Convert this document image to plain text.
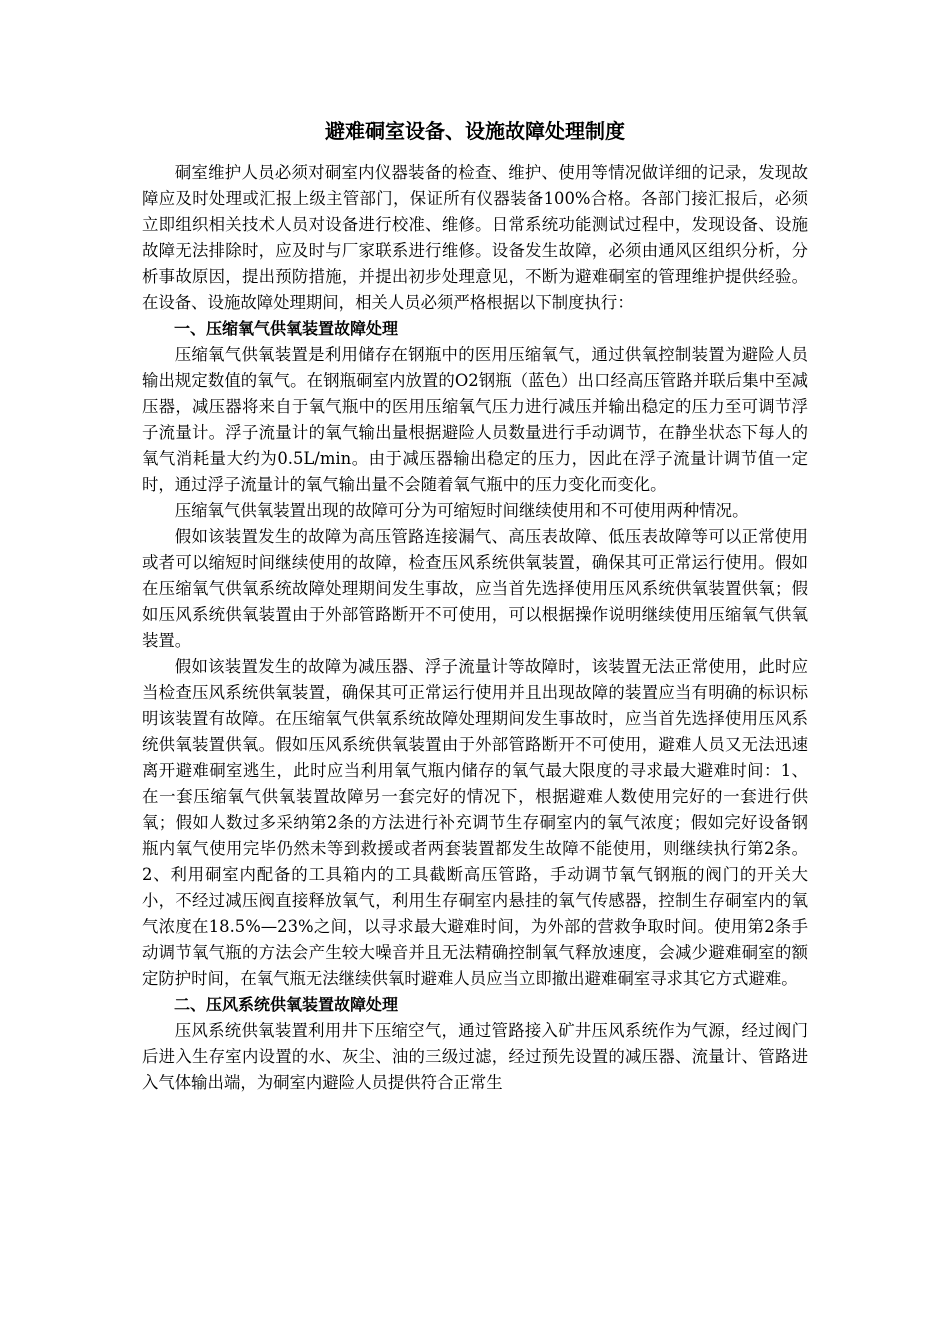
避难硐室设备、设施故障处理制度

硐室维护人员必须对硐室内仪器装备的检查、维护、使用等情况做详细的记录，发现故障应及时处理或汇报上级主管部门，保证所有仪器装备100%合格。各部门接汇报后，必须立即组织相关技术人员对设备进行校准、维修。日常系统功能测试过程中，发现设备、设施故障无法排除时，应及时与厂家联系进行维修。设备发生故障，必须由通风区组织分析，分析事故原因，提出预防措施，并提出初步处理意见，不断为避难硐室的管理维护提供经验。在设备、设施故障处理期间，相关人员必须严格根据以下制度执行：

一、压缩氧气供氧装置故障处理

压缩氧气供氧装置是利用储存在钢瓶中的医用压缩氧气，通过供氧控制装置为避险人员输出规定数值的氧气。在钢瓶硐室内放置的O2钢瓶（蓝色）出口经高压管路并联后集中至减压器，减压器将来自于氧气瓶中的医用压缩氧气压力进行减压并输出稳定的压力至可调节浮子流量计。浮子流量计的氧气输出量根据避险人员数量进行手动调节，在静坐状态下每人的氧气消耗量大约为0.5L/min。由于减压器输出稳定的压力，因此在浮子流量计调节值一定时，通过浮子流量计的氧气输出量不会随着氧气瓶中的压力变化而变化。

压缩氧气供氧装置出现的故障可分为可缩短时间继续使用和不可使用两种情况。

假如该装置发生的故障为高压管路连接漏气、高压表故障、低压表故障等可以正常使用或者可以缩短时间继续使用的故障，检查压风系统供氧装置，确保其可正常运行使用。假如在压缩氧气供氧系统故障处理期间发生事故，应当首先选择使用压风系统供氧装置供氧；假如压风系统供氧装置由于外部管路断开不可使用，可以根据操作说明继续使用压缩氧气供氧装置。

假如该装置发生的故障为减压器、浮子流量计等故障时，该装置无法正常使用，此时应当检查压风系统供氧装置，确保其可正常运行使用并且出现故障的装置应当有明确的标识标明该装置有故障。在压缩氧气供氧系统故障处理期间发生事故时，应当首先选择使用压风系统供氧装置供氧。假如压风系统供氧装置由于外部管路断开不可使用，避难人员又无法迅速离开避难硐室逃生，此时应当利用氧气瓶内储存的氧气最大限度的寻求最大避难时间：1、在一套压缩氧气供氧装置故障另一套完好的情况下，根据避难人数使用完好的一套进行供氧；假如人数过多采纳第2条的方法进行补充调节生存硐室内的氧气浓度；假如完好设备钢瓶内氧气使用完毕仍然未等到救援或者两套装置都发生故障不能使用，则继续执行第2条。2、利用硐室内配备的工具箱内的工具截断高压管路，手动调节氧气钢瓶的阀门的开关大小，不经过减压阀直接释放氧气，利用生存硐室内悬挂的氧气传感器，控制生存硐室内的氧气浓度在18.5%—23%之间，以寻求最大避难时间，为外部的营救争取时间。使用第2条手动调节氧气瓶的方法会产生较大噪音并且无法精确控制氧气释放速度，会减少避难硐室的额定防护时间，在氧气瓶无法继续供氧时避难人员应当立即撤出避难硐室寻求其它方式避难。

二、压风系统供氧装置故障处理

压风系统供氧装置利用井下压缩空气，通过管路接入矿井压风系统作为气源，经过阀门后进入生存室内设置的水、灰尘、油的三级过滤，经过预先设置的减压器、流量计、管路进入气体输出端，为硐室内避险人员提供符合正常生
